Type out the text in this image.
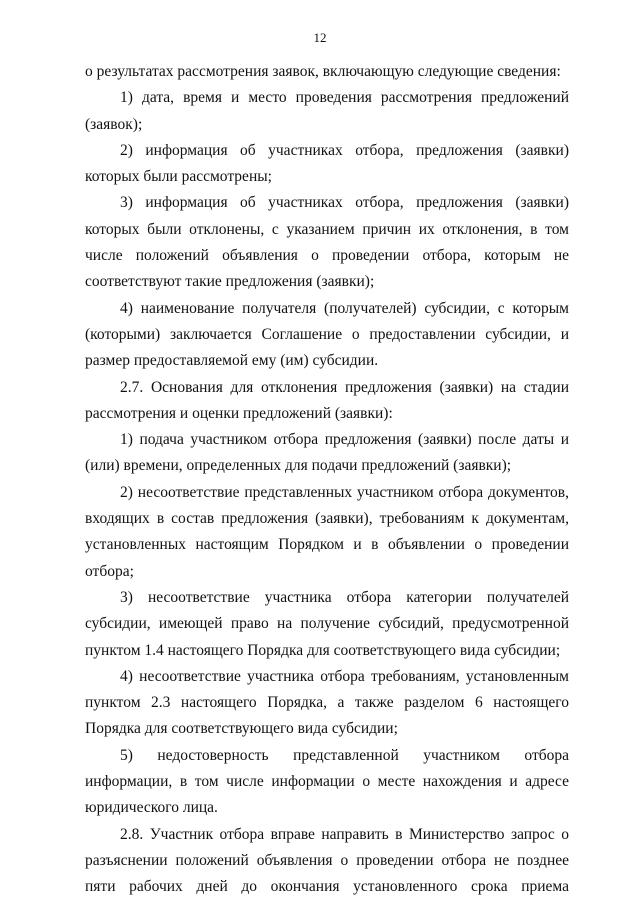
12

о результатах рассмотрения заявок, включающую следующие сведения:

1) дата, время и место проведения рассмотрения предложений (заявок);

2) информация об участниках отбора, предложения (заявки) которых были рассмотрены;

3) информация об участниках отбора, предложения (заявки) которых были отклонены, с указанием причин их отклонения, в том числе положений объявления о проведении отбора, которым не соответствуют такие предложения (заявки);

4) наименование получателя (получателей) субсидии, с которым (которыми) заключается Соглашение о предоставлении субсидии, и размер предоставляемой ему (им) субсидии.

2.7. Основания для отклонения предложения (заявки) на стадии рассмотрения и оценки предложений (заявки):

1) подача участником отбора предложения (заявки) после даты и (или) времени, определенных для подачи предложений (заявки);

2) несоответствие представленных участником отбора документов, входящих в состав предложения (заявки), требованиям к документам, установленных настоящим Порядком и в объявлении о проведении отбора;

3) несоответствие участника отбора категории получателей субсидии, имеющей право на получение субсидий, предусмотренной пунктом 1.4 настоящего Порядка для соответствующего вида субсидии;

4) несоответствие участника отбора требованиям, установленным пунктом 2.3 настоящего Порядка, а также разделом 6 настоящего Порядка для соответствующего вида субсидии;

5) недостоверность представленной участником отбора информации, в том числе информации о месте нахождения и адресе юридического лица.

2.8. Участник отбора вправе направить в Министерство запрос о разъяснении положений объявления о проведении отбора не позднее пяти рабочих дней до окончания установленного срока приема
